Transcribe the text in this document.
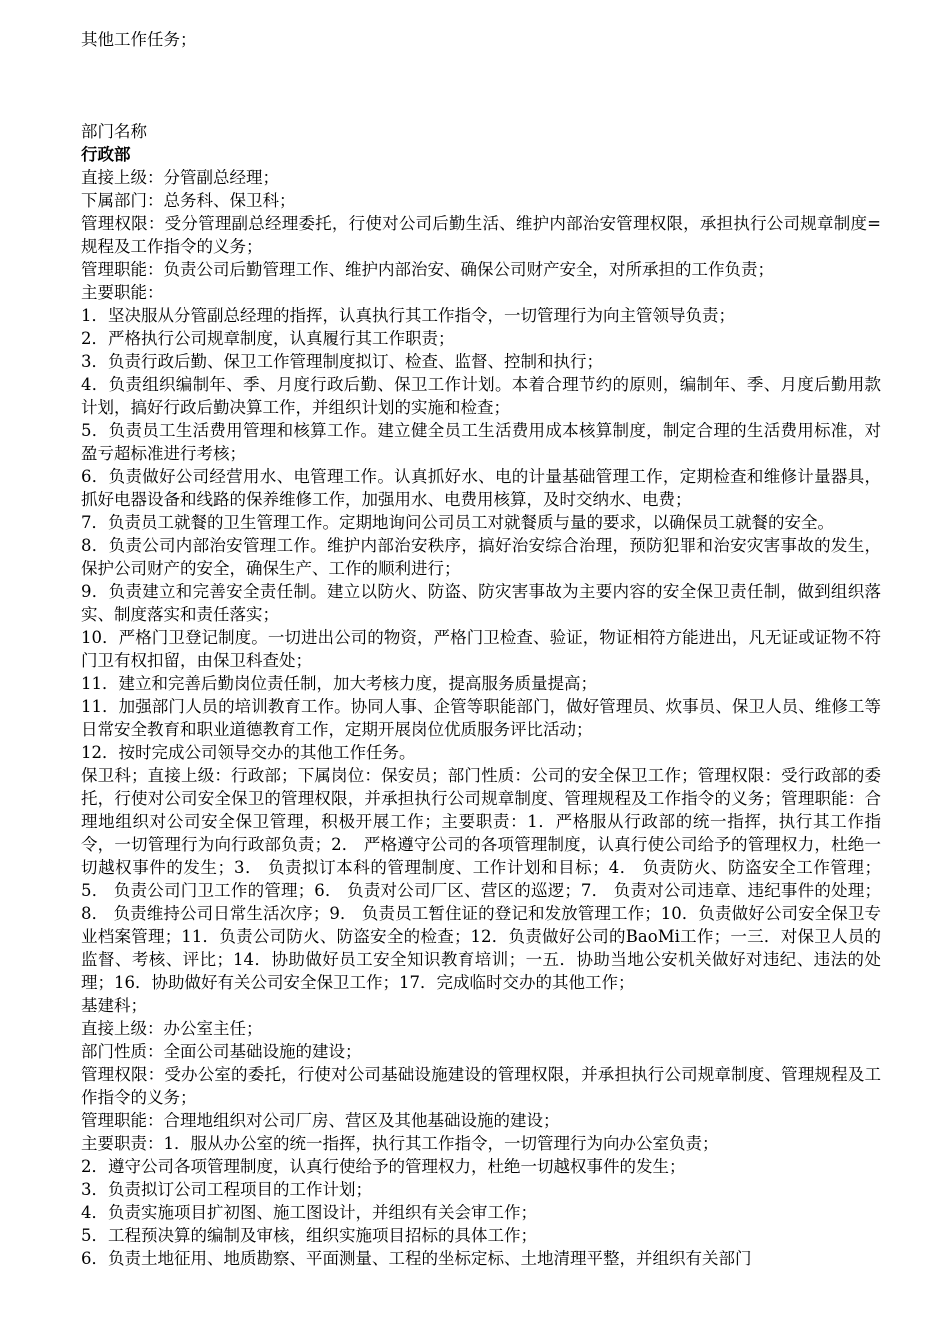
其他工作任务；

部门名称

行政部

直接上级：分管副总经理；

下属部门：总务科、保卫科；

管理权限：受分管理副总经理委托，行使对公司后勤生活、维护内部治安管理权限，承担执行公司规章制度=规程及工作指令的义务；

管理职能：负责公司后勤管理工作、维护内部治安、确保公司财产安全，对所承担的工作负责；

主要职能：

1．坚决服从分管副总经理的指挥，认真执行其工作指令，一切管理行为向主管领导负责；

2．严格执行公司规章制度，认真履行其工作职责；

3．负责行政后勤、保卫工作管理制度拟订、检查、监督、控制和执行；

4．负责组织编制年、季、月度行政后勤、保卫工作计划。本着合理节约的原则，编制年、季、月度后勤用款计划，搞好行政后勤决算工作，并组织计划的实施和检查；

5．负责员工生活费用管理和核算工作。建立健全员工生活费用成本核算制度，制定合理的生活费用标准，对盈亏超标准进行考核；

6．负责做好公司经营用水、电管理工作。认真抓好水、电的计量基础管理工作，定期检查和维修计量器具，抓好电器设备和线路的保养维修工作，加强用水、电费用核算，及时交纳水、电费；

7．负责员工就餐的卫生管理工作。定期地询问公司员工对就餐质与量的要求，以确保员工就餐的安全。

8．负责公司内部治安管理工作。维护内部治安秩序，搞好治安综合治理，预防犯罪和治安灾害事故的发生，保护公司财产的安全，确保生产、工作的顺利进行；

9．负责建立和完善安全责任制。建立以防火、防盗、防灾害事故为主要内容的安全保卫责任制，做到组织落实、制度落实和责任落实；

10．严格门卫登记制度。一切进出公司的物资，严格门卫检查、验证，物证相符方能进出，凡无证或证物不符门卫有权扣留，由保卫科查处；

11．建立和完善后勤岗位责任制，加大考核力度，提高服务质量提高；

11．加强部门人员的培训教育工作。协同人事、企管等职能部门，做好管理员、炊事员、保卫人员、维修工等日常安全教育和职业道德教育工作，定期开展岗位优质服务评比活动；

12．按时完成公司领导交办的其他工作任务。

保卫科；直接上级：行政部；下属岗位：保安员；部门性质：公司的安全保卫工作；管理权限：受行政部的委托，行使对公司安全保卫的管理权限，并承担执行公司规章制度、管理规程及工作指令的义务；管理职能：合理地组织对公司安全保卫管理，积极开展工作；主要职责：1．严格服从行政部的统一指挥，执行其工作指令，一切管理行为向行政部负责；2． 严格遵守公司的各项管理制度，认真行使公司给予的管理权力，杜绝一切越权事件的发生；3． 负责拟订本科的管理制度、工作计划和目标；4． 负责防火、防盗安全工作管理；5． 负责公司门卫工作的管理；6． 负责对公司厂区、营区的巡逻；7． 负责对公司违章、违纪事件的处理；8． 负责维持公司日常生活次序；9． 负责员工暂住证的登记和发放管理工作；10．负责做好公司安全保卫专业档案管理；11．负责公司防火、防盗安全的检查；12．负责做好公司的BaoMi工作；一三．对保卫人员的监督、考核、评比；14．协助做好员工安全知识教育培训；一五．协助当地公安机关做好对违纪、违法的处理；16．协助做好有关公司安全保卫工作；17．完成临时交办的其他工作；

基建科；

直接上级：办公室主任；

部门性质：全面公司基础设施的建设；

管理权限：受办公室的委托，行使对公司基础设施建设的管理权限，并承担执行公司规章制度、管理规程及工作指令的义务；

管理职能：合理地组织对公司厂房、营区及其他基础设施的建设；

主要职责：1．服从办公室的统一指挥，执行其工作指令，一切管理行为向办公室负责；

2．遵守公司各项管理制度，认真行使给予的管理权力，杜绝一切越权事件的发生；

3．负责拟订公司工程项目的工作计划；

4．负责实施项目扩初图、施工图设计，并组织有关会审工作；

5．工程预决算的编制及审核，组织实施项目招标的具体工作；

6．负责土地征用、地质勘察、平面测量、工程的坐标定标、土地清理平整，并组织有关部门
